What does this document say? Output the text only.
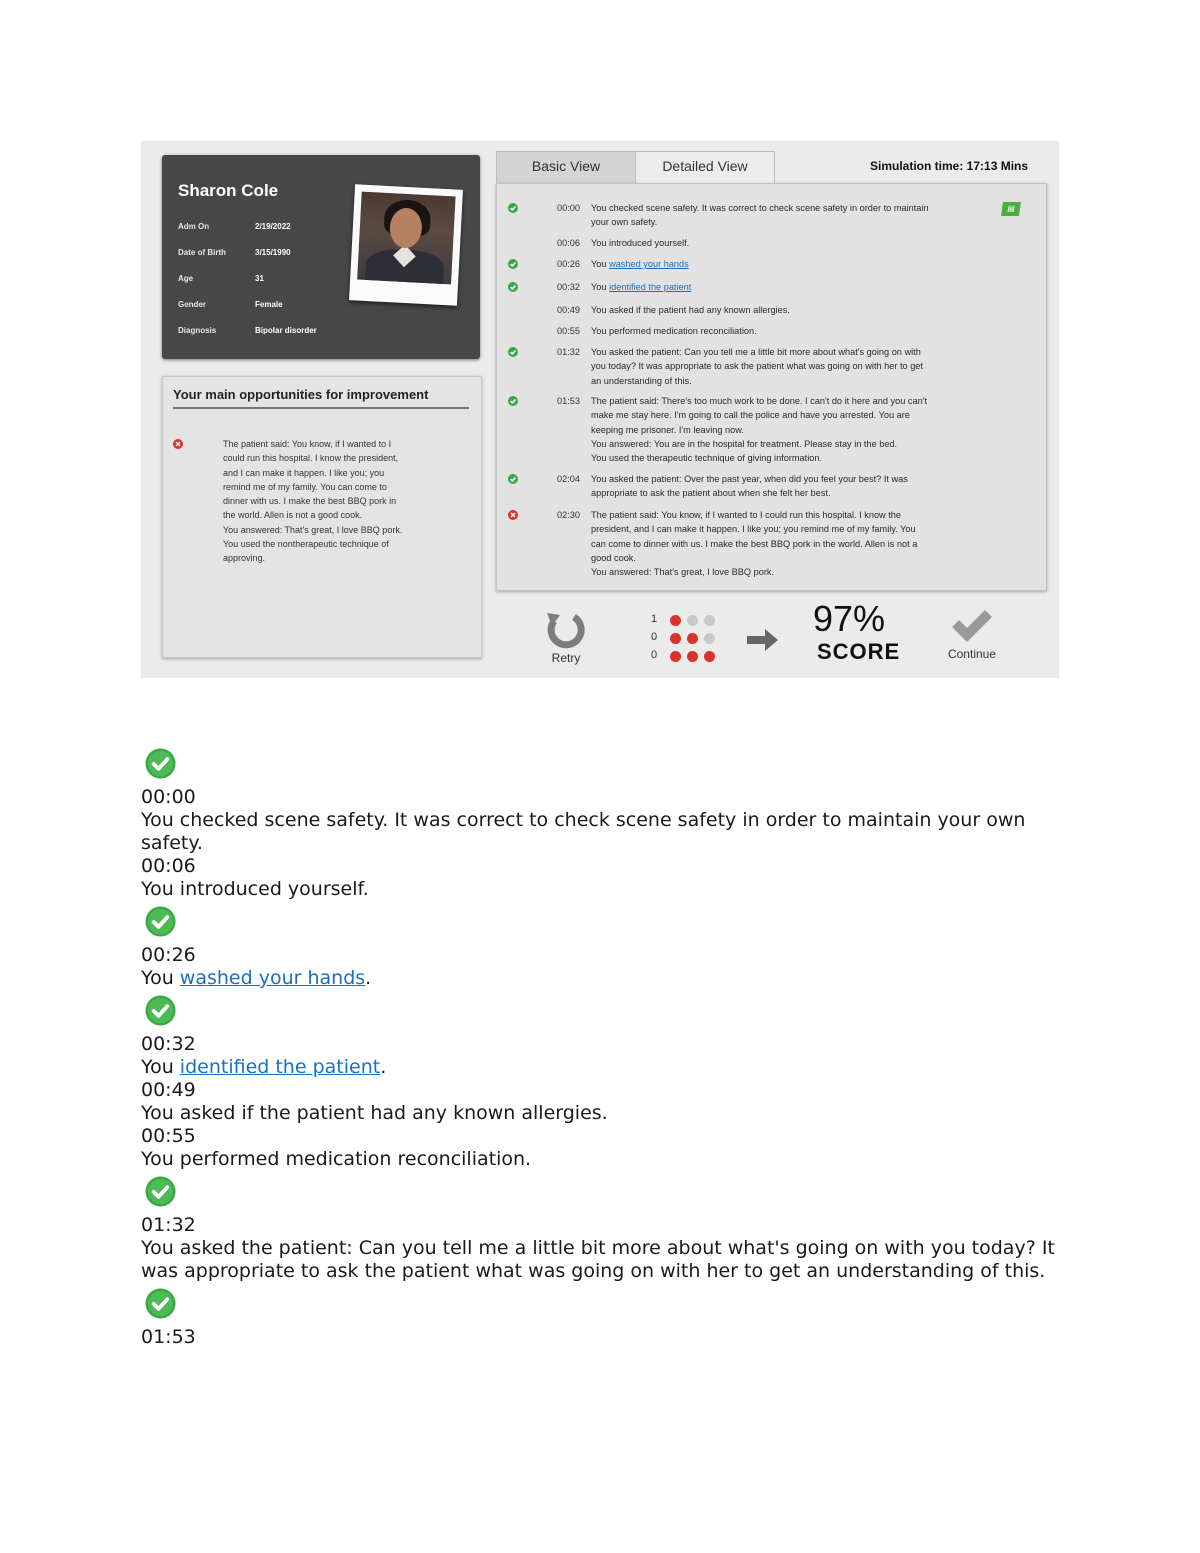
Sharon Cole
Adm On	2/19/2022
Date of Birth	3/15/1990
Age	31
Gender	Female
Diagnosis	Bipolar disorder
Your main opportunities for improvement
The patient said: You know, if I wanted to I
could run this hospital. I know the president,
and I can make it happen. I like you; you
remind me of my family. You can come to
dinner with us. I make the best BBQ pork in
the world. Allen is not a good cook.
You answered: That's great, I love BBQ pork.
You used the nontherapeutic technique of
approving.
Basic View	Detailed View	Simulation time: 17:13 Mins
▤
00:00	You checked scene safety. It was correct to check scene safety in order to maintain
your own safety.
00:06	You introduced yourself.
00:26	You washed your hands
00:32	You identified the patient
00:49	You asked if the patient had any known allergies.
00:55	You performed medication reconciliation.
01:32	You asked the patient: Can you tell me a little bit more about what's going on with
you today? It was appropriate to ask the patient what was going on with her to get
an understanding of this.
01:53	The patient said: There's too much work to be done. I can't do it here and you can't
make me stay here. I'm going to call the police and have you arrested. You are
keeping me prisoner. I'm leaving now.
You answered: You are in the hospital for treatment. Please stay in the bed.
You used the therapeutic technique of giving information.
02:04	You asked the patient: Over the past year, when did you feel your best? It was
appropriate to ask the patient about when she felt her best.
02:30	The patient said: You know, if I wanted to I could run this hospital. I know the
president, and I can make it happen. I like you; you remind me of my family. You
can come to dinner with us. I make the best BBQ pork in the world. Allen is not a
good cook.
You answered: That's great, I love BBQ pork.
Retry
1
0
0
97%
SCORE	Continue
00:00
You checked scene safety. It was correct to check scene safety in order to maintain your own safety.
00:06
You introduced yourself.
00:26
You washed your hands.
00:32
You identified the patient.
00:49
You asked if the patient had any known allergies.
00:55
You performed medication reconciliation.
01:32
You asked the patient: Can you tell me a little bit more about what's going on with you today? It was appropriate to ask the patient what was going on with her to get an understanding of this.
01:53
